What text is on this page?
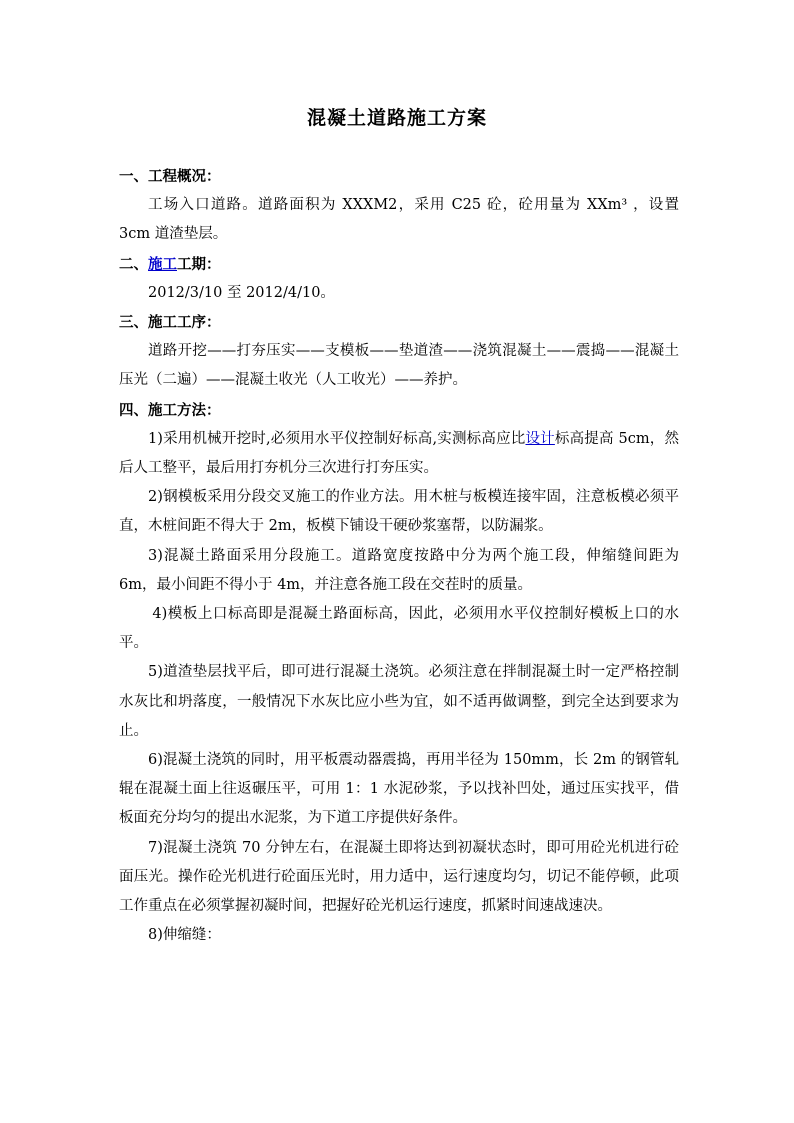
混凝土道路施工方案

一、工程概况：

工场入口道路。道路面积为 XXXM2，采用 C25 砼，砼用量为 XXm³ ，设置 3cm 道渣垫层。

二、施工工期：

2012/3/10 至 2012/4/10。

三、施工工序：

道路开挖——打夯压实——支模板——垫道渣——浇筑混凝土——震捣——混凝土压光（二遍）——混凝土收光（人工收光）——养护。

四、施工方法：

1)采用机械开挖时,必须用水平仪控制好标高,实测标高应比设计标高提高 5cm，然后人工整平，最后用打夯机分三次进行打夯压实。

2)钢模板采用分段交叉施工的作业方法。用木桩与板模连接牢固，注意板模必须平直，木桩间距不得大于 2m，板模下铺设干硬砂浆塞帮，以防漏浆。

3)混凝土路面采用分段施工。道路宽度按路中分为两个施工段，伸缩缝间距为 6m，最小间距不得小于 4m，并注意各施工段在交茬时的质量。

4)模板上口标高即是混凝土路面标高，因此，必须用水平仪控制好模板上口的水平。

5)道渣垫层找平后，即可进行混凝土浇筑。必须注意在拌制混凝土时一定严格控制水灰比和坍落度，一般情况下水灰比应小些为宜，如不适再做调整，到完全达到要求为止。

6)混凝土浇筑的同时，用平板震动器震捣，再用半径为 150mm，长 2m 的钢管轧辊在混凝土面上往返碾压平，可用 1：1 水泥砂浆，予以找补凹处，通过压实找平，借板面充分均匀的提出水泥浆，为下道工序提供好条件。

7)混凝土浇筑 70 分钟左右，在混凝土即将达到初凝状态时，即可用砼光机进行砼面压光。操作砼光机进行砼面压光时，用力适中，运行速度均匀，切记不能停顿，此项工作重点在必须掌握初凝时间，把握好砼光机运行速度，抓紧时间速战速决。

8)伸缩缝：
